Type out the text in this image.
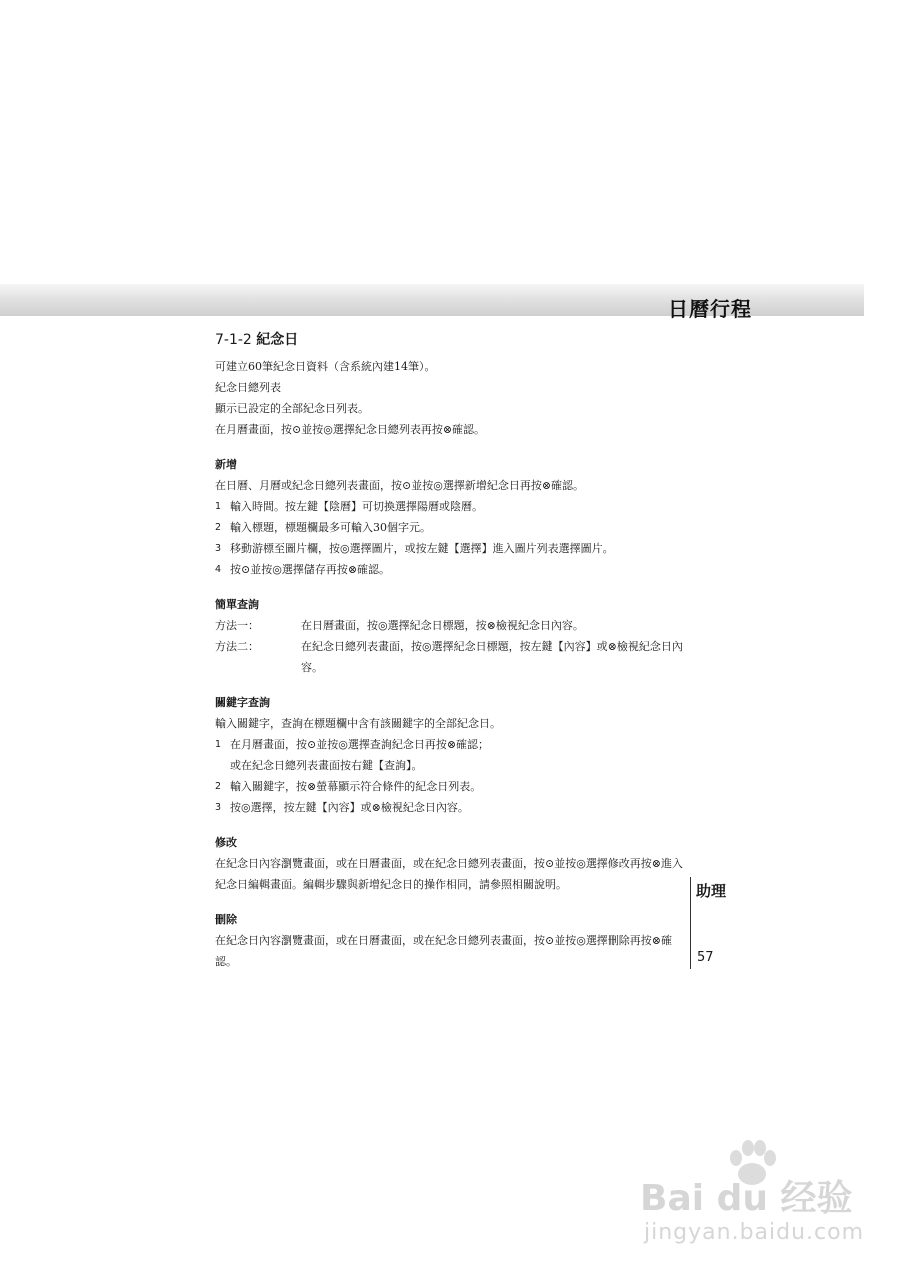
日曆行程
7-1-2 紀念日

可建立60筆紀念日資料（含系統內建14筆）。

紀念日總列表

顯示已設定的全部紀念日列表。

在月曆畫面，按⊙並按◎選擇紀念日總列表再按⊗確認。

新增

在日曆、月曆或紀念日總列表畫面，按⊙並按◎選擇新增紀念日再按⊗確認。

1 輸入時間。按左鍵【陰曆】可切換選擇陽曆或陰曆。
2 輸入標題，標題欄最多可輸入30個字元。
3 移動游標至圖片欄，按◎選擇圖片，或按左鍵【選擇】進入圖片列表選擇圖片。
4 按⊙並按◎選擇儲存再按⊗確認。
簡單查詢
方法一：	在日曆畫面，按◎選擇紀念日標題，按⊗檢視紀念日內容。
方法二：	在紀念日總列表畫面，按◎選擇紀念日標題，按左鍵【內容】或⊗檢視紀念日內容。
關鍵字查詢

輸入關鍵字，查詢在標題欄中含有該關鍵字的全部紀念日。

1 在月曆畫面，按⊙並按◎選擇查詢紀念日再按⊗確認；
或在紀念日總列表畫面按右鍵【查詢】。
2 輸入關鍵字，按⊗螢幕顯示符合條件的紀念日列表。
3 按◎選擇，按左鍵【內容】或⊗檢視紀念日內容。
修改

在紀念日內容瀏覽畫面，或在日曆畫面，或在紀念日總列表畫面，按⊙並按◎選擇修改再按⊗進入紀念日編輯畫面。編輯步驟與新增紀念日的操作相同，請參照相關說明。

刪除

在紀念日內容瀏覽畫面，或在日曆畫面，或在紀念日總列表畫面，按⊙並按◎選擇刪除再按⊗確認。

助理
57
Bai du 经验
jingyan.baidu.com
